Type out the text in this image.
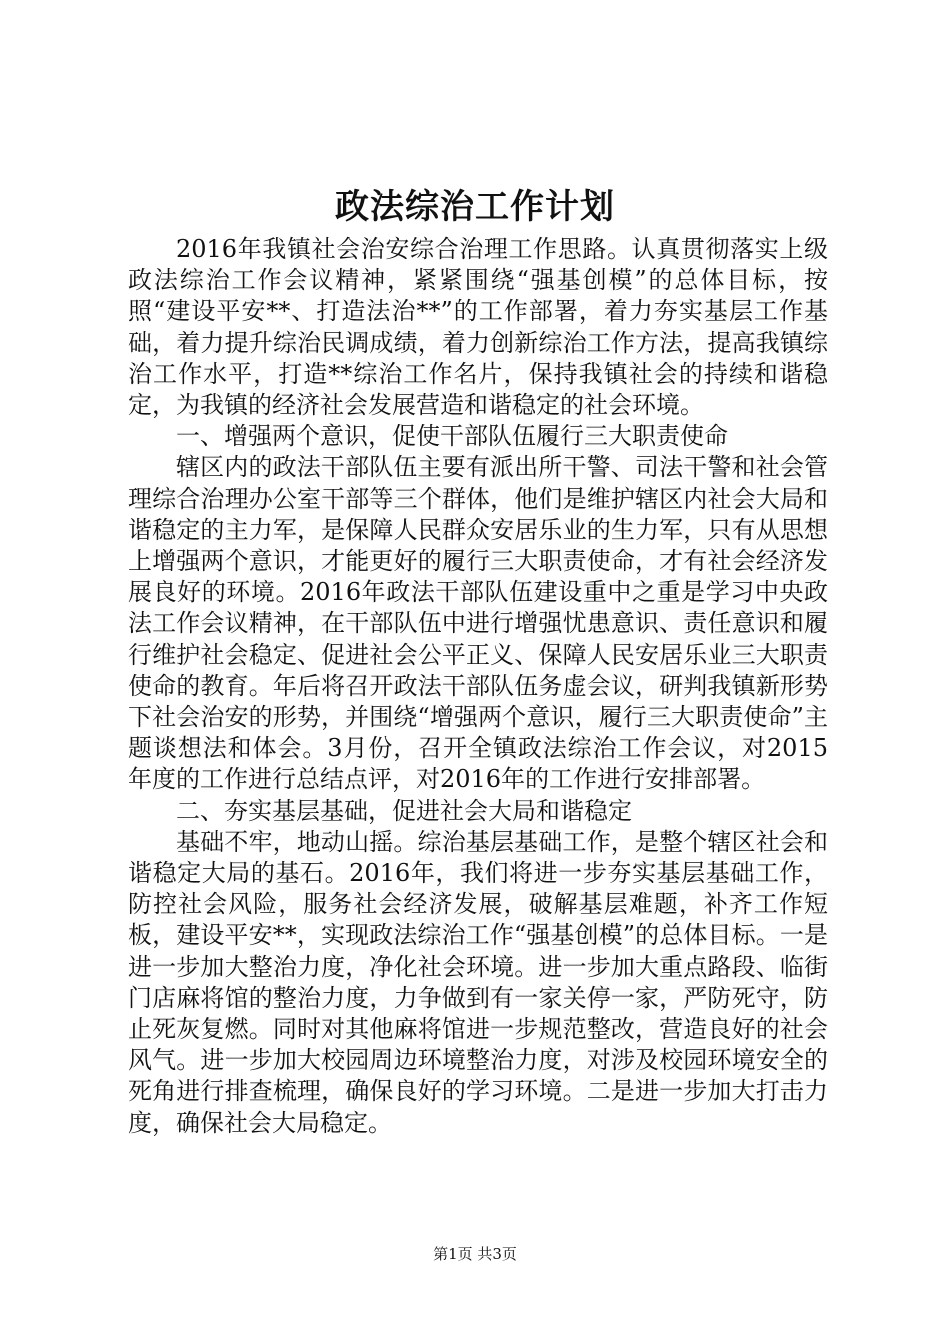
政法综治工作计划

2016年我镇社会治安综合治理工作思路。认真贯彻落实上级政法综治工作会议精神，紧紧围绕“强基创模”的总体目标，按照“建设平安**、打造法治**”的工作部署，着力夯实基层工作基础，着力提升综治民调成绩，着力创新综治工作方法，提高我镇综治工作水平，打造**综治工作名片，保持我镇社会的持续和谐稳定，为我镇的经济社会发展营造和谐稳定的社会环境。

一、增强两个意识，促使干部队伍履行三大职责使命

辖区内的政法干部队伍主要有派出所干警、司法干警和社会管理综合治理办公室干部等三个群体，他们是维护辖区内社会大局和谐稳定的主力军，是保障人民群众安居乐业的生力军，只有从思想上增强两个意识，才能更好的履行三大职责使命，才有社会经济发展良好的环境。2016年政法干部队伍建设重中之重是学习中央政法工作会议精神，在干部队伍中进行增强忧患意识、责任意识和履行维护社会稳定、促进社会公平正义、保障人民安居乐业三大职责使命的教育。年后将召开政法干部队伍务虚会议，研判我镇新形势下社会治安的形势，并围绕“增强两个意识，履行三大职责使命”主题谈想法和体会。3月份，召开全镇政法综治工作会议，对2015年度的工作进行总结点评，对2016年的工作进行安排部署。

二、夯实基层基础，促进社会大局和谐稳定

基础不牢，地动山摇。综治基层基础工作，是整个辖区社会和谐稳定大局的基石。2016年，我们将进一步夯实基层基础工作，防控社会风险，服务社会经济发展，破解基层难题，补齐工作短板，建设平安**，实现政法综治工作“强基创模”的总体目标。一是进一步加大整治力度，净化社会环境。进一步加大重点路段、临街门店麻将馆的整治力度，力争做到有一家关停一家，严防死守，防止死灰复燃。同时对其他麻将馆进一步规范整改，营造良好的社会风气。进一步加大校园周边环境整治力度，对涉及校园环境安全的死角进行排查梳理，确保良好的学习环境。二是进一步加大打击力度，确保社会大局稳定。

第1页 共3页
